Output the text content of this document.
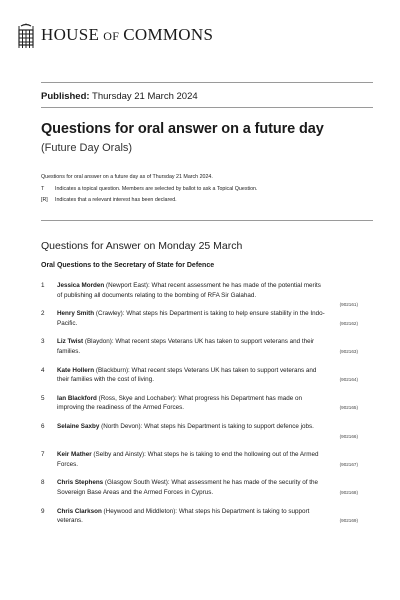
HOUSE OF COMMONS
Published: Thursday 21 March 2024
Questions for oral answer on a future day
(Future Day Orals)
Questions for oral answer on a future day as of Thursday 21 March 2024.
T	Indicates a topical question. Members are selected by ballot to ask a Topical Question.
[R]	Indicates that a relevant interest has been declared.
Questions for Answer on Monday 25 March
Oral Questions to the Secretary of State for Defence
1	Jessica Morden (Newport East): What recent assessment he has made of the potential merits of publishing all documents relating to the bombing of RFA Sir Galahad.
(902161)
2	Henry Smith (Crawley): What steps his Department is taking to help ensure stability in the Indo-Pacific.	(902162)
3	Liz Twist (Blaydon): What recent steps Veterans UK has taken to support veterans and their families.	(902163)
4	Kate Hollern (Blackburn): What recent steps Veterans UK has taken to support veterans and their families with the cost of living.	(902164)
5	Ian Blackford (Ross, Skye and Lochaber): What progress his Department has made on improving the readiness of the Armed Forces.	(902165)
6	Selaine Saxby (North Devon): What steps his Department is taking to support defence jobs.
(902166)
7	Keir Mather (Selby and Ainsty): What steps he is taking to end the hollowing out of the Armed Forces.	(902167)
8	Chris Stephens (Glasgow South West): What assessment he has made of the security of the Sovereign Base Areas and the Armed Forces in Cyprus.	(902168)
9	Chris Clarkson (Heywood and Middleton): What steps his Department is taking to support veterans.	(902169)
